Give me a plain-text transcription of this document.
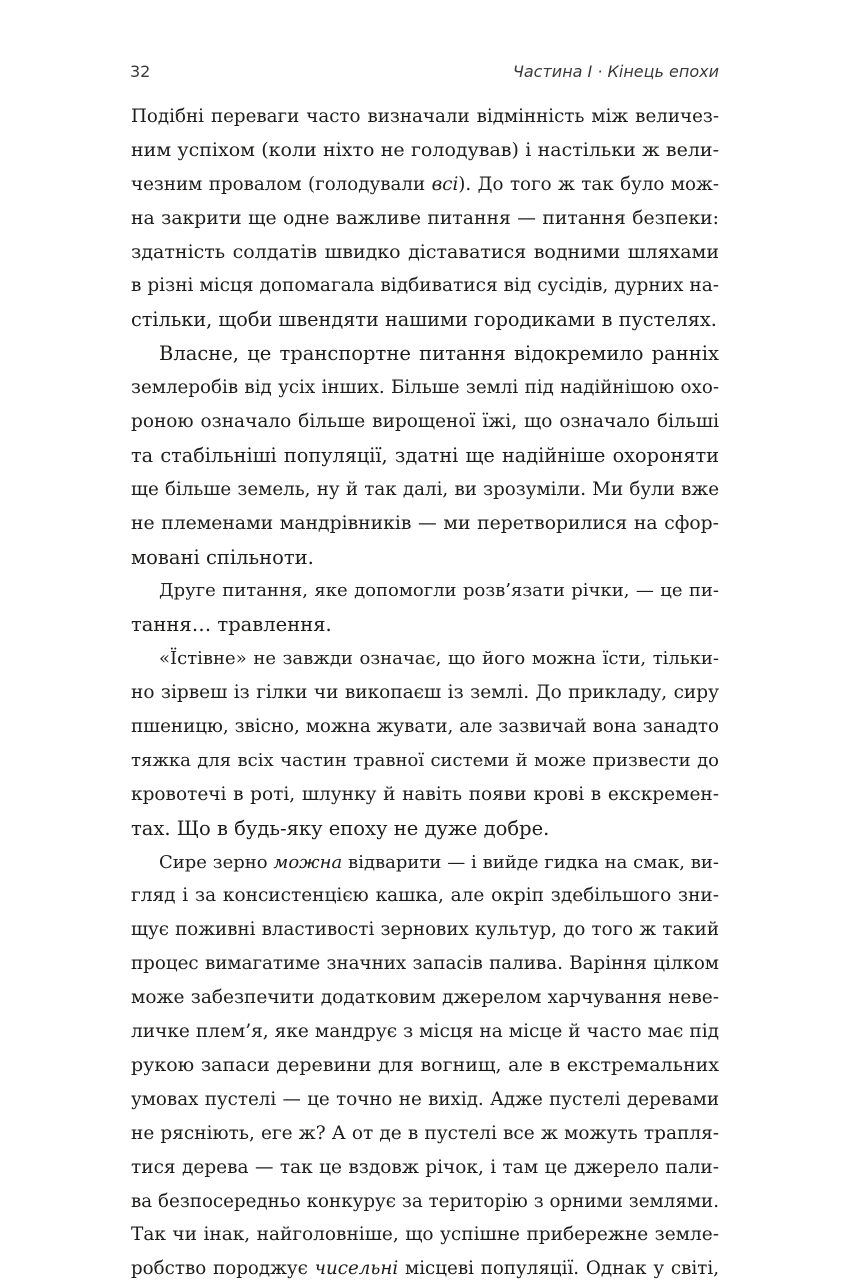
32	Частина І · Кінець епохи
Подібні переваги часто визначали відмінність між величез-
ним успіхом (коли ніхто не голодував) і настільки ж вели-
чезним провалом (голодували всі). До того ж так було мож-
на закрити ще одне важливе питання — питання безпеки:
здатність солдатів швидко діставатися водними шляхами
в різні місця допомагала відбиватися від сусідів, дурних на-
стільки, щоби швендяти нашими городиками в пустелях.
Власне, це транспортне питання відокремило ранніх
землеробів від усіх інших. Більше землі під надійнішою охо-
роною означало більше вирощеної їжі, що означало більші
та стабільніші популяції, здатні ще надійніше охороняти
ще більше земель, ну й так далі, ви зрозуміли. Ми були вже
не племенами мандрівників — ми перетворилися на сфор-
мовані спільноти.
Друге питання, яке допомогли розв’язати річки, — це пи-
тання… травлення.
«Їстівне» не завжди означає, що його можна їсти, тільки-
но зірвеш із гілки чи викопаєш із землі. До прикладу, сиру
пшеницю, звісно, можна жувати, але зазвичай вона занадто
тяжка для всіх частин травної системи й може призвести до
кровотечі в роті, шлунку й навіть появи крові в екскремен-
тах. Що в будь-яку епоху не дуже добре.
Сире зерно можна відварити — і вийде гидка на смак, ви-
гляд і за консистенцією кашка, але окріп здебільшого зни-
щує поживні властивості зернових культур, до того ж такий
процес вимагатиме значних запасів палива. Варіння цілком
може забезпечити додатковим джерелом харчування неве-
личке плем’я, яке мандрує з місця на місце й часто має під
рукою запаси деревини для вогнищ, але в екстремальних
умовах пустелі — це точно не вихід. Адже пустелі деревами
не рясніють, еге ж? А от де в пустелі все ж можуть трапля-
тися дерева — так це вздовж річок, і там це джерело пали-
ва безпосередньо конкурує за територію з орними землями.
Так чи інак, найголовніше, що успішне прибережне земле-
робство породжує чисельні місцеві популяції. Однак у світі,
